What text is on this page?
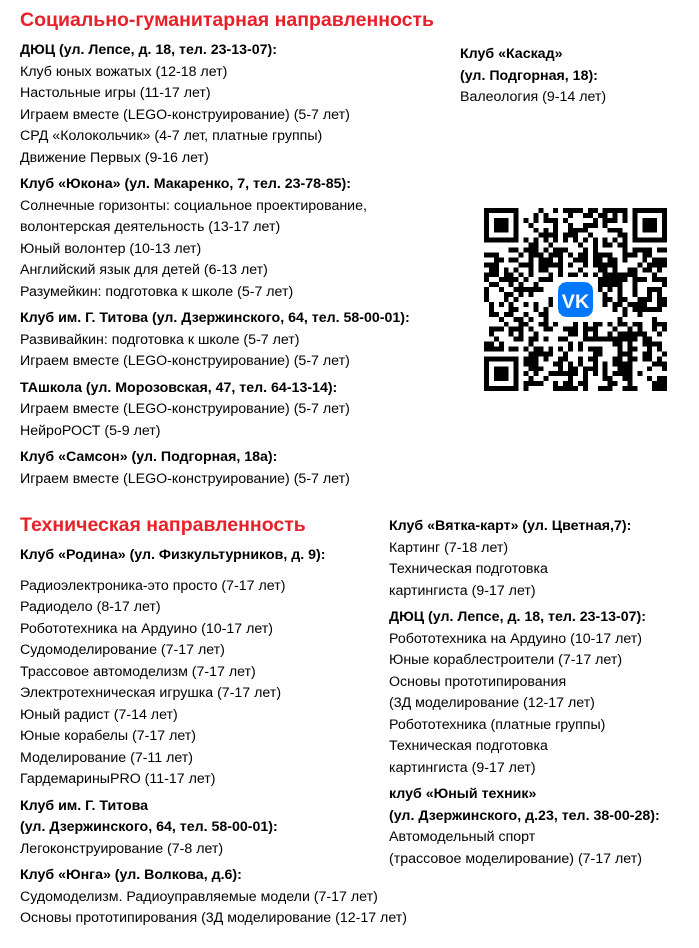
Социально-гуманитарная направленность
ДЮЦ (ул. Лепсе, д. 18, тел. 23-13-07):
Клуб юных вожатых (12-18 лет)
Настольные игры (11-17 лет)
Играем вместе (LEGO-конструирование) (5-7 лет)
СРД «Колокольчик» (4-7 лет, платные группы)
Движение Первых (9-16 лет)
Клуб «Юкона» (ул. Макаренко, 7, тел. 23-78-85):
Солнечные горизонты: социальное проектирование,
волонтерская деятельность (13-17 лет)
Юный волонтер (10-13 лет)
Английский язык для детей (6-13 лет)
Разумейкин: подготовка к школе (5-7 лет)
Клуб им. Г. Титова (ул. Дзержинского, 64, тел. 58-00-01):
Развивайкин: подготовка к школе (5-7 лет)
Играем вместе (LEGO-конструирование) (5-7 лет)
ТАшкола (ул. Морозовская, 47, тел. 64-13-14):
Играем вместе (LEGO-конструирование) (5-7 лет)
НейроРОСТ (5-9 лет)
Клуб «Самсон» (ул. Подгорная, 18а):
Играем вместе (LEGO-конструирование) (5-7 лет)
Клуб «Каскад»
(ул. Подгорная, 18):
Валеология (9-14 лет)
VK
Техническая направленность
Клуб «Родина» (ул. Физкультурников, д. 9):
Радиоэлектроника-это просто (7-17 лет)
Радиодело (8-17 лет)
Робототехника на Ардуино (10-17 лет)
Судомоделирование (7-17 лет)
Трассовое автомоделизм (7-17 лет)
Электротехническая игрушка (7-17 лет)
Юный радист (7-14 лет)
Юные корабелы (7-17 лет)
Моделирование (7-11 лет)
ГардемариныPRO (11-17 лет)
Клуб им. Г. Титова
(ул. Дзержинского, 64, тел. 58-00-01):
Легоконструирование (7-8 лет)
Клуб «Юнга» (ул. Волкова, д.6):
Судомоделизм. Радиоуправляемые модели (7-17 лет)
Основы прототипирования (3Д моделирование (12-17 лет)
Клуб «Вятка-карт» (ул. Цветная,7):
Картинг (7-18 лет)
Техническая подготовка
картингиста (9-17 лет)
ДЮЦ (ул. Лепсе, д. 18, тел. 23-13-07):
Робототехника на Ардуино (10-17 лет)
Юные кораблестроители (7-17 лет)
Основы прототипирования
(3Д моделирование (12-17 лет)
Робототехника (платные группы)
Техническая подготовка
картингиста (9-17 лет)
клуб «Юный техник»
(ул. Дзержинского, д.23, тел. 38-00-28):
Автомодельный спорт
(трассовое моделирование) (7-17 лет)
